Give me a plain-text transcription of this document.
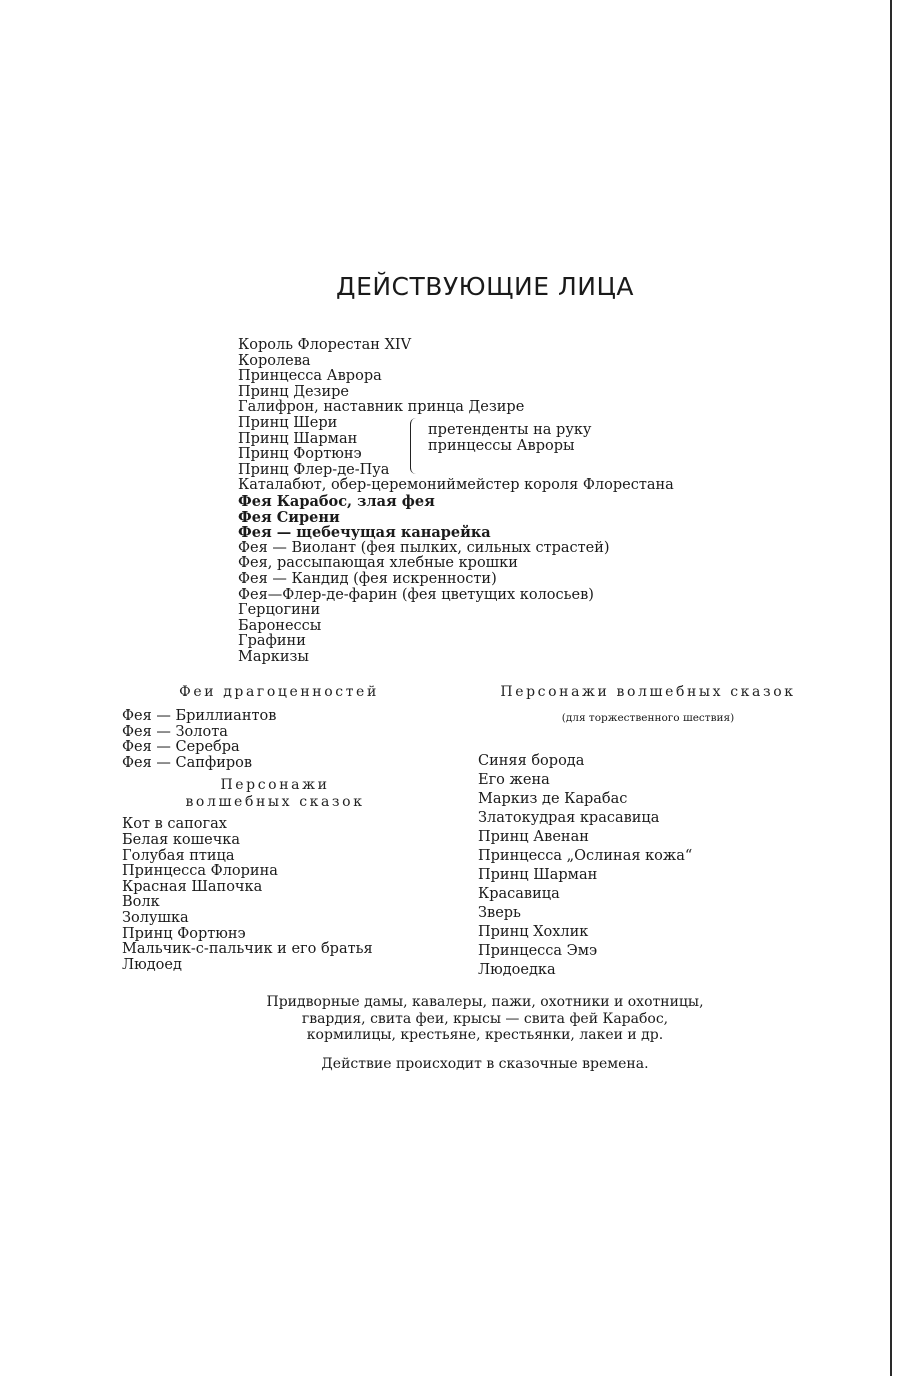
ДЕЙСТВУЮЩИЕ ЛИЦА
Король Флорестан XIV
Королева
Принцесса Аврора
Принц Дезире
Галифрон, наставник принца Дезире
Принц Шери
Принц Шарман
Принц Фортюнэ
Принц Флер-де-Пуа
претенденты на руку
принцессы Авроры
Каталабют, обер-церемониймейстер короля Флорестана
Фея Карабос, злая фея
Фея Сирени
Фея — щебечущая канарейка
Фея — Виолант (фея пылких, сильных страстей)
Фея, рассыпающая хлебные крошки
Фея — Кандид (фея искренности)
Фея—Флер-де-фарин (фея цветущих колосьев)
Герцогини
Баронессы
Графини
Маркизы
Феи драгоценностей
Фея — Бриллиантов
Фея — Золота
Фея — Серебра
Фея — Сапфиров
Персонажи
волшебных сказок
Кот в сапогах
Белая кошечка
Голубая птица
Принцесса Флорина
Красная Шапочка
Волк
Золушка
Принц Фортюнэ
Мальчик-с-пальчик и его братья
Людоед
Персонажи волшебных сказок
(для торжественного шествия)
Синяя борода
Его жена
Маркиз де Карабас
Златокудрая красавица
Принц Авенан
Принцесса „Ослиная кожа“
Принц Шарман
Красавица
Зверь
Принц Хохлик
Принцесса Эмэ
Людоедка
Придворные дамы, кавалеры, пажи, охотники и охотницы,
гвардия, свита феи, крысы — свита фей Карабос,
кормилицы, крестьяне, крестьянки, лакеи и др.
Действие происходит в сказочные времена.
